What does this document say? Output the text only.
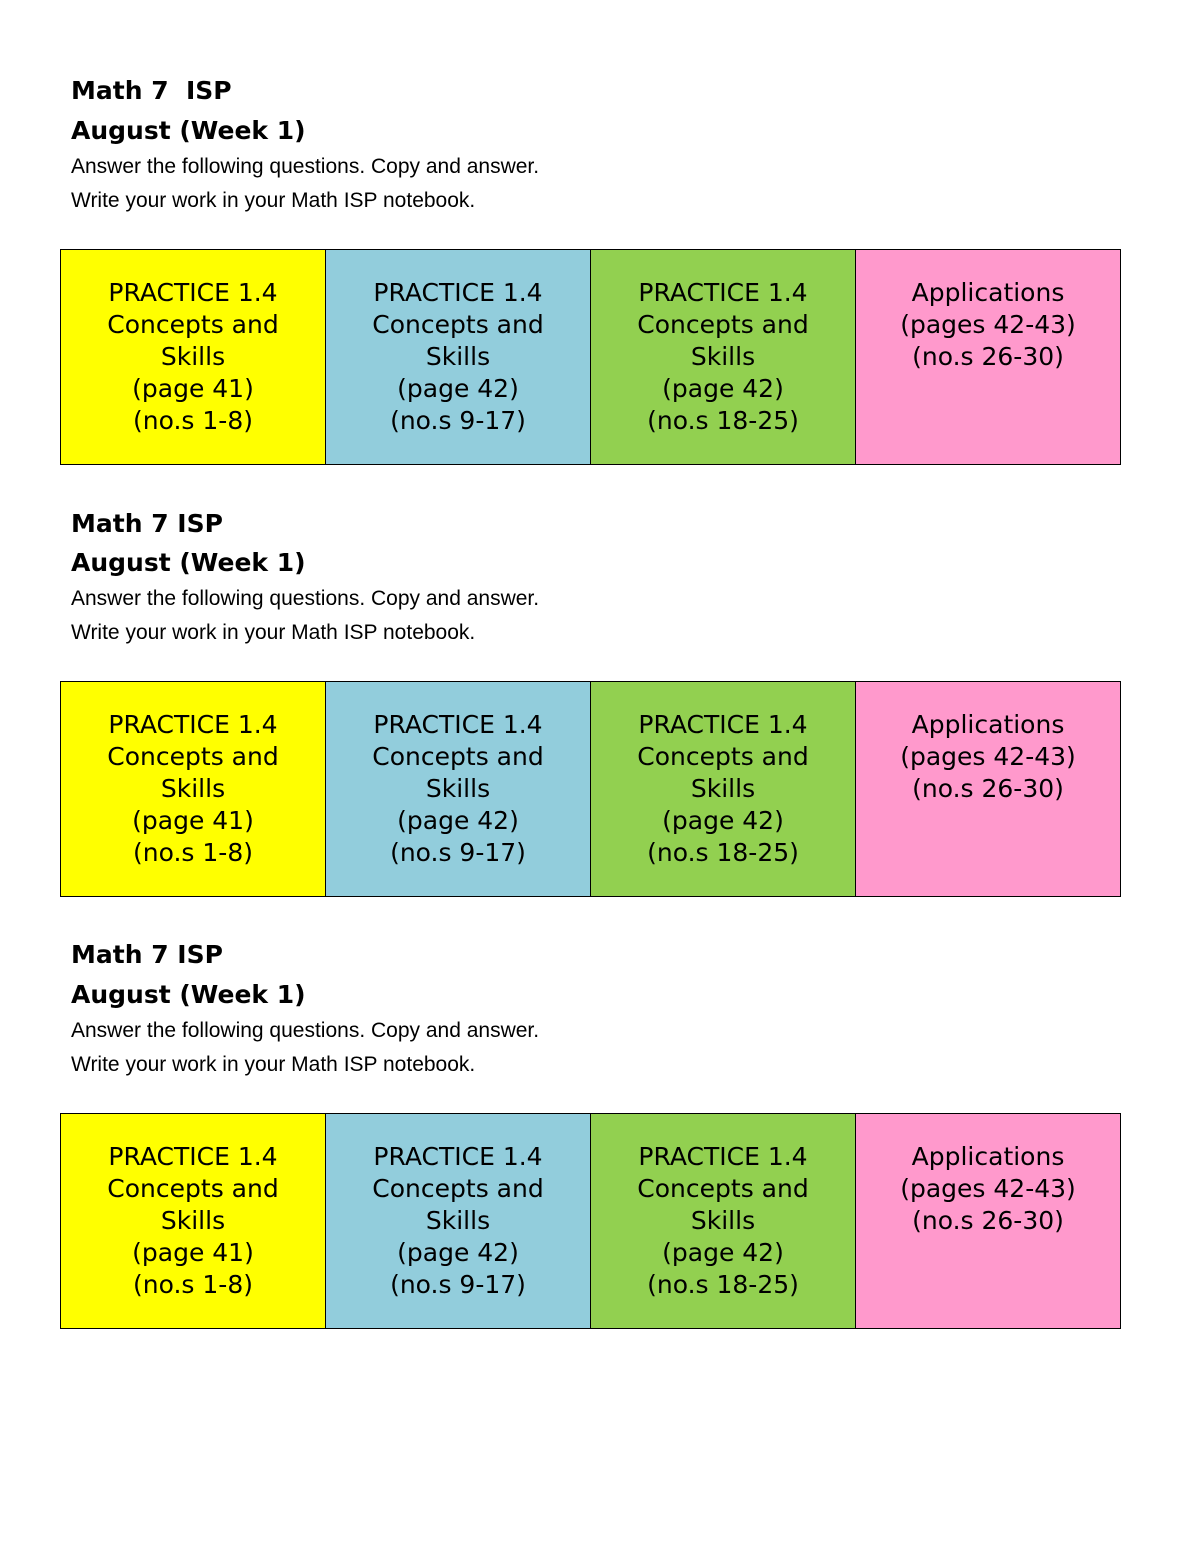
Math 7  ISP
August (Week 1)
Answer the following questions. Copy and answer.
Write your work in your Math ISP notebook.
PRACTICE 1.4
Concepts and
Skills
(page 41)
(no.s 1-8)
PRACTICE 1.4
Concepts and
Skills
(page 42)
(no.s 9-17)
PRACTICE 1.4
Concepts and
Skills
(page 42)
(no.s 18-25)
Applications
(pages 42-43)
(no.s 26-30)
Math 7 ISP
August (Week 1)
Answer the following questions. Copy and answer.
Write your work in your Math ISP notebook.
PRACTICE 1.4
Concepts and
Skills
(page 41)
(no.s 1-8)
PRACTICE 1.4
Concepts and
Skills
(page 42)
(no.s 9-17)
PRACTICE 1.4
Concepts and
Skills
(page 42)
(no.s 18-25)
Applications
(pages 42-43)
(no.s 26-30)
Math 7 ISP
August (Week 1)
Answer the following questions. Copy and answer.
Write your work in your Math ISP notebook.
PRACTICE 1.4
Concepts and
Skills
(page 41)
(no.s 1-8)
PRACTICE 1.4
Concepts and
Skills
(page 42)
(no.s 9-17)
PRACTICE 1.4
Concepts and
Skills
(page 42)
(no.s 18-25)
Applications
(pages 42-43)
(no.s 26-30)
